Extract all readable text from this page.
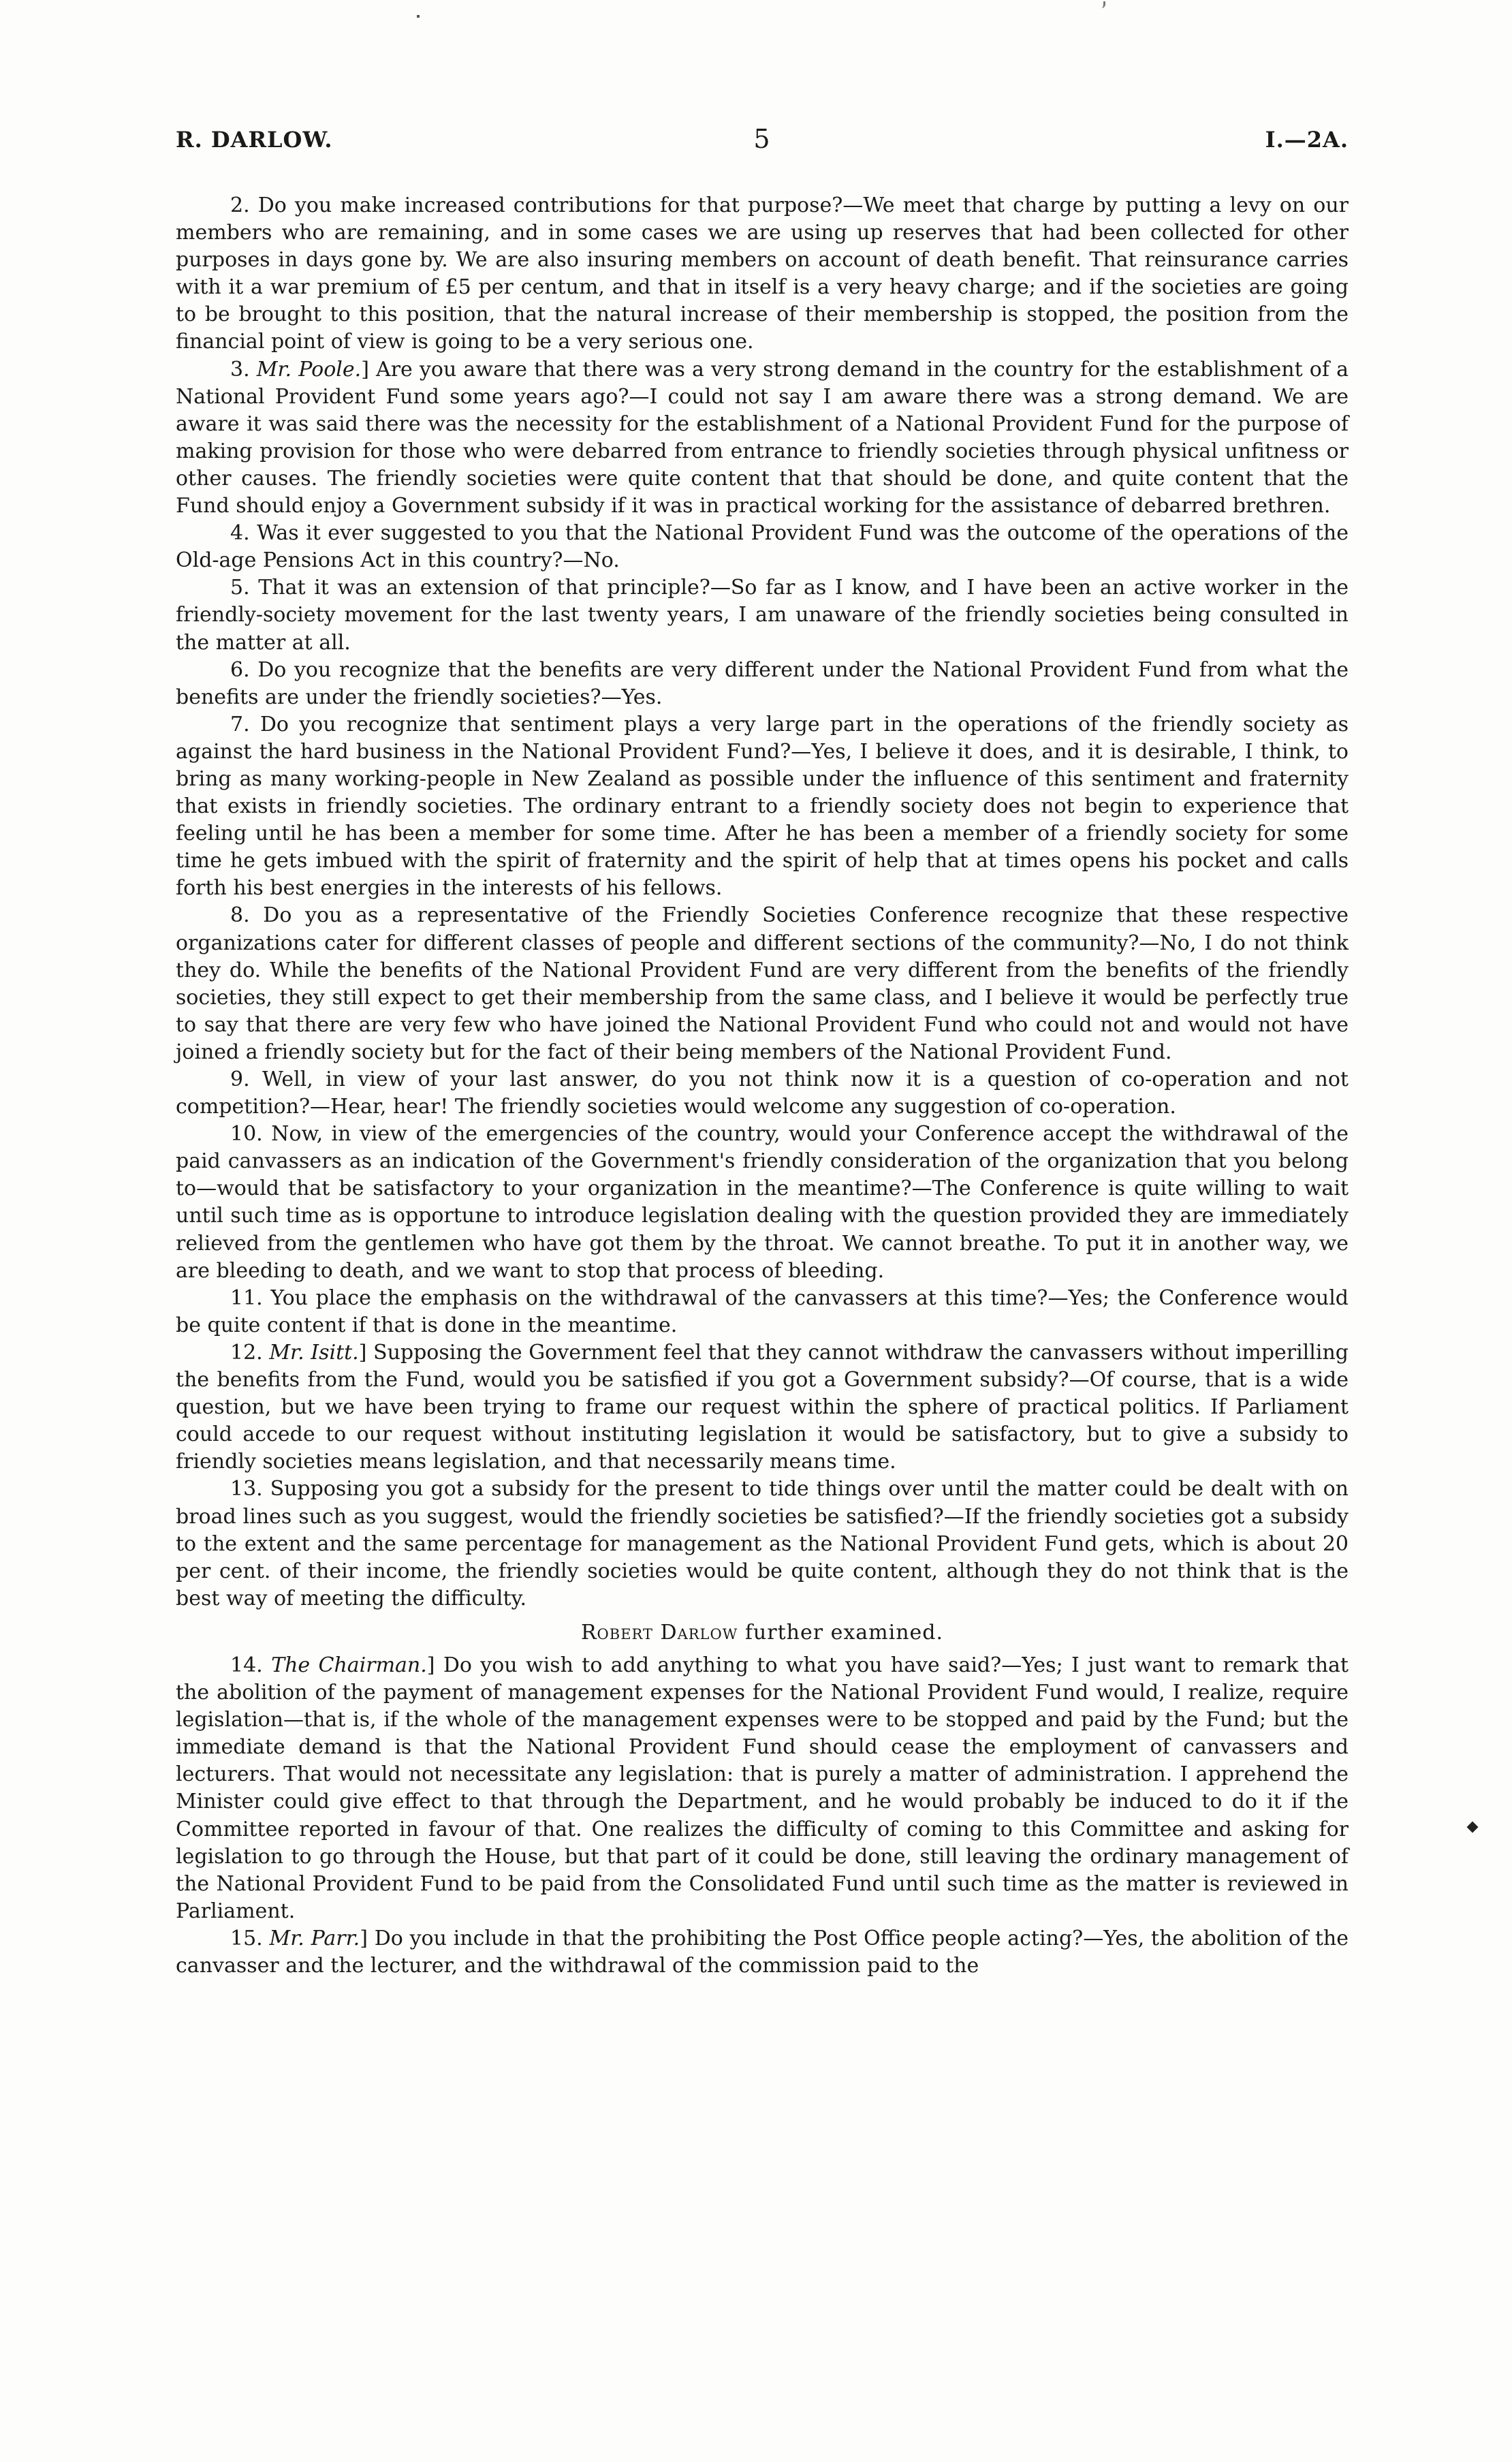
R. DARLOW.	5	I.—2A.

2. Do you make increased contributions for that purpose?—We meet that charge by putting a levy on our members who are remaining, and in some cases we are using up reserves that had been collected for other purposes in days gone by. We are also insuring members on account of death benefit. That reinsurance carries with it a war premium of £5 per centum, and that in itself is a very heavy charge; and if the societies are going to be brought to this position, that the natural increase of their membership is stopped, the position from the financial point of view is going to be a very serious one.

3. Mr. Poole.] Are you aware that there was a very strong demand in the country for the establishment of a National Provident Fund some years ago?—I could not say I am aware there was a strong demand. We are aware it was said there was the necessity for the establishment of a National Provident Fund for the purpose of making provision for those who were debarred from entrance to friendly societies through physical unfitness or other causes. The friendly societies were quite content that that should be done, and quite content that the Fund should enjoy a Government subsidy if it was in practical working for the assistance of debarred brethren.

4. Was it ever suggested to you that the National Provident Fund was the outcome of the operations of the Old-age Pensions Act in this country?—No.

5. That it was an extension of that principle?—So far as I know, and I have been an active worker in the friendly-society movement for the last twenty years, I am unaware of the friendly societies being consulted in the matter at all.

6. Do you recognize that the benefits are very different under the National Provident Fund from what the benefits are under the friendly societies?—Yes.

7. Do you recognize that sentiment plays a very large part in the operations of the friendly society as against the hard business in the National Provident Fund?—Yes, I believe it does, and it is desirable, I think, to bring as many working-people in New Zealand as possible under the influence of this sentiment and fraternity that exists in friendly societies. The ordinary entrant to a friendly society does not begin to experience that feeling until he has been a member for some time. After he has been a member of a friendly society for some time he gets imbued with the spirit of fraternity and the spirit of help that at times opens his pocket and calls forth his best energies in the interests of his fellows.

8. Do you as a representative of the Friendly Societies Conference recognize that these respective organizations cater for different classes of people and different sections of the community?—No, I do not think they do. While the benefits of the National Provident Fund are very different from the benefits of the friendly societies, they still expect to get their membership from the same class, and I believe it would be perfectly true to say that there are very few who have joined the National Provident Fund who could not and would not have joined a friendly society but for the fact of their being members of the National Provident Fund.

9. Well, in view of your last answer, do you not think now it is a question of co-operation and not competition?—Hear, hear! The friendly societies would welcome any suggestion of co-operation.

10. Now, in view of the emergencies of the country, would your Conference accept the withdrawal of the paid canvassers as an indication of the Government's friendly consideration of the organization that you belong to—would that be satisfactory to your organization in the meantime?—The Conference is quite willing to wait until such time as is opportune to introduce legislation dealing with the question provided they are immediately relieved from the gentlemen who have got them by the throat. We cannot breathe. To put it in another way, we are bleeding to death, and we want to stop that process of bleeding.

11. You place the emphasis on the withdrawal of the canvassers at this time?—Yes; the Conference would be quite content if that is done in the meantime.

12. Mr. Isitt.] Supposing the Government feel that they cannot withdraw the canvassers without imperilling the benefits from the Fund, would you be satisfied if you got a Government subsidy?—Of course, that is a wide question, but we have been trying to frame our request within the sphere of practical politics. If Parliament could accede to our request without instituting legislation it would be satisfactory, but to give a subsidy to friendly societies means legislation, and that necessarily means time.

13. Supposing you got a subsidy for the present to tide things over until the matter could be dealt with on broad lines such as you suggest, would the friendly societies be satisfied?—If the friendly societies got a subsidy to the extent and the same percentage for management as the National Provident Fund gets, which is about 20 per cent. of their income, the friendly societies would be quite content, although they do not think that is the best way of meeting the difficulty.

Robert Darlow further examined.

14. The Chairman.] Do you wish to add anything to what you have said?—Yes; I just want to remark that the abolition of the payment of management expenses for the National Provident Fund would, I realize, require legislation—that is, if the whole of the management expenses were to be stopped and paid by the Fund; but the immediate demand is that the National Provident Fund should cease the employment of canvassers and lecturers. That would not necessitate any legislation: that is purely a matter of administration. I apprehend the Minister could give effect to that through the Department, and he would probably be induced to do it if the Committee reported in favour of that. One realizes the difficulty of coming to this Committee and asking for legislation to go through the House, but that part of it could be done, still leaving the ordinary management of the National Provident Fund to be paid from the Consolidated Fund until such time as the matter is reviewed in Parliament.

15. Mr. Parr.] Do you include in that the prohibiting the Post Office people acting?—Yes, the abolition of the canvasser and the lecturer, and the withdrawal of the commission paid to the
